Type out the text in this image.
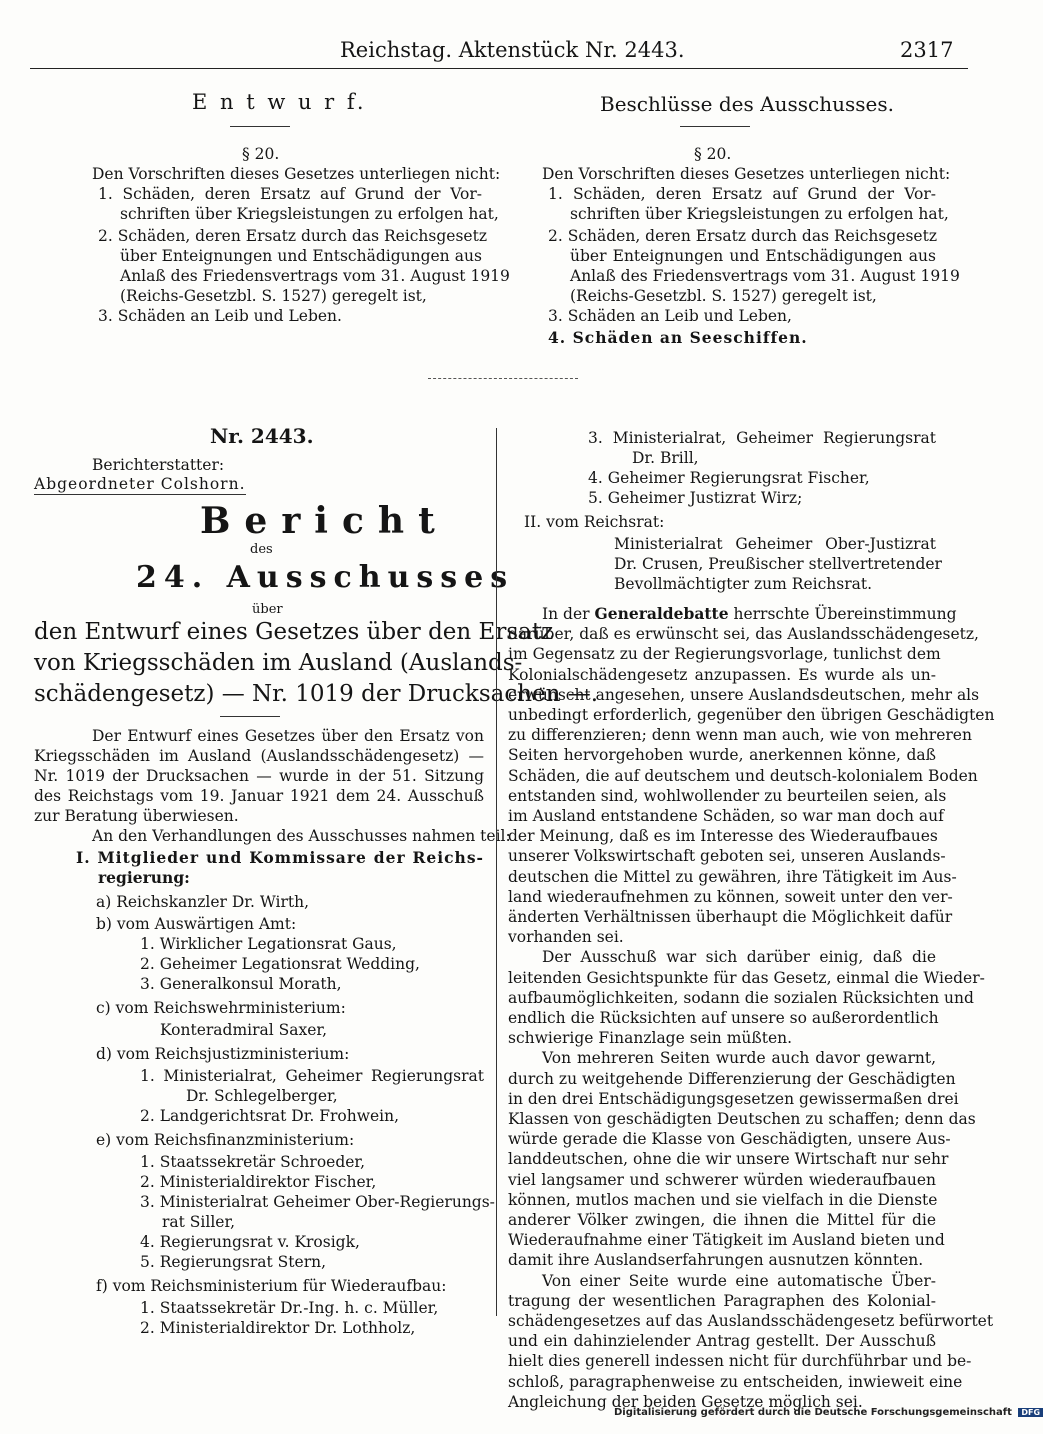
Reichstag. Aktenstück Nr. 2443.	2317
E n t w u r f.
§ 20.
Den Vorschriften dieses Gesetzes unterliegen nicht:
1. Schäden, deren Ersatz auf Grund der Vor-
schriften über Kriegsleistungen zu erfolgen hat,
2. Schäden, deren Ersatz durch das Reichsgesetz
über Enteignungen und Entschädigungen aus
Anlaß des Friedensvertrags vom 31. August 1919
(Reichs-Gesetzbl. S. 1527) geregelt ist,
3. Schäden an Leib und Leben.
Beschlüsse des Ausschusses.
§ 20.
Den Vorschriften dieses Gesetzes unterliegen nicht:
1. Schäden, deren Ersatz auf Grund der Vor-
schriften über Kriegsleistungen zu erfolgen hat,
2. Schäden, deren Ersatz durch das Reichsgesetz
über Enteignungen und Entschädigungen aus
Anlaß des Friedensvertrags vom 31. August 1919
(Reichs-Gesetzbl. S. 1527) geregelt ist,
3. Schäden an Leib und Leben,
4. Schäden an Seeschiffen.
Nr. 2443.
Berichterstatter:
Abgeordneter Colshorn.
Bericht
des
24. Ausschusses
über
den Entwurf eines Gesetzes über den Ersatz
von Kriegsschäden im Ausland (Auslands-
schädengesetz) — Nr. 1019 der Drucksachen —.
Der Entwurf eines Gesetzes über den Ersatz von
Kriegsschäden im Ausland (Auslandsschädengesetz) —
Nr. 1019 der Drucksachen — wurde in der 51. Sitzung
des Reichstags vom 19. Januar 1921 dem 24. Ausschuß
zur Beratung überwiesen.
An den Verhandlungen des Ausschusses nahmen teil:
I. Mitglieder und Kommissare der Reichs-
regierung:
a) Reichskanzler Dr. Wirth,
b) vom Auswärtigen Amt:
1. Wirklicher Legationsrat Gaus,
2. Geheimer Legationsrat Wedding,
3. Generalkonsul Morath,
c) vom Reichswehrministerium:
Konteradmiral Saxer,
d) vom Reichsjustizministerium:
1. Ministerialrat, Geheimer Regierungsrat
Dr. Schlegelberger,
2. Landgerichtsrat Dr. Frohwein,
e) vom Reichsfinanzministerium:
1. Staatssekretär Schroeder,
2. Ministerialdirektor Fischer,
3. Ministerialrat Geheimer Ober-Regierungs-
rat Siller,
4. Regierungsrat v. Krosigk,
5. Regierungsrat Stern,
f) vom Reichsministerium für Wiederaufbau:
1. Staatssekretär Dr.-Ing. h. c. Müller,
2. Ministerialdirektor Dr. Lothholz,
3. Ministerialrat, Geheimer Regierungsrat
Dr. Brill,
4. Geheimer Regierungsrat Fischer,
5. Geheimer Justizrat Wirz;
II. vom Reichsrat:
Ministerialrat Geheimer Ober-Justizrat
Dr. Crusen, Preußischer stellvertretender
Bevollmächtigter zum Reichsrat.
In der Generaldebatte herrschte Übereinstimmung
darüber, daß es erwünscht sei, das Auslandsschädengesetz,
im Gegensatz zu der Regierungsvorlage, tunlichst dem
Kolonialschädengesetz anzupassen. Es wurde als un-
erwünscht angesehen, unsere Auslandsdeutschen, mehr als
unbedingt erforderlich, gegenüber den übrigen Geschädigten
zu differenzieren; denn wenn man auch, wie von mehreren
Seiten hervorgehoben wurde, anerkennen könne, daß
Schäden, die auf deutschem und deutsch-kolonialem Boden
entstanden sind, wohlwollender zu beurteilen seien, als
im Ausland entstandene Schäden, so war man doch auf
der Meinung, daß es im Interesse des Wiederaufbaues
unserer Volkswirtschaft geboten sei, unseren Auslands-
deutschen die Mittel zu gewähren, ihre Tätigkeit im Aus-
land wiederaufnehmen zu können, soweit unter den ver-
änderten Verhältnissen überhaupt die Möglichkeit dafür
vorhanden sei.
Der Ausschuß war sich darüber einig, daß die
leitenden Gesichtspunkte für das Gesetz, einmal die Wieder-
aufbaumöglichkeiten, sodann die sozialen Rücksichten und
endlich die Rücksichten auf unsere so außerordentlich
schwierige Finanzlage sein müßten.
Von mehreren Seiten wurde auch davor gewarnt,
durch zu weitgehende Differenzierung der Geschädigten
in den drei Entschädigungsgesetzen gewissermaßen drei
Klassen von geschädigten Deutschen zu schaffen; denn das
würde gerade die Klasse von Geschädigten, unsere Aus-
landdeutschen, ohne die wir unsere Wirtschaft nur sehr
viel langsamer und schwerer würden wiederaufbauen
können, mutlos machen und sie vielfach in die Dienste
anderer Völker zwingen, die ihnen die Mittel für die
Wiederaufnahme einer Tätigkeit im Ausland bieten und
damit ihre Auslandserfahrungen ausnutzen könnten.
Von einer Seite wurde eine automatische Über-
tragung der wesentlichen Paragraphen des Kolonial-
schädengesetzes auf das Auslandsschädengesetz befürwortet
und ein dahinzielender Antrag gestellt. Der Ausschuß
hielt dies generell indessen nicht für durchführbar und be-
schloß, paragraphenweise zu entscheiden, inwieweit eine
Angleichung der beiden Gesetze möglich sei.
Digitalisierung gefördert durch die Deutsche Forschungsgemeinschaft DFG
